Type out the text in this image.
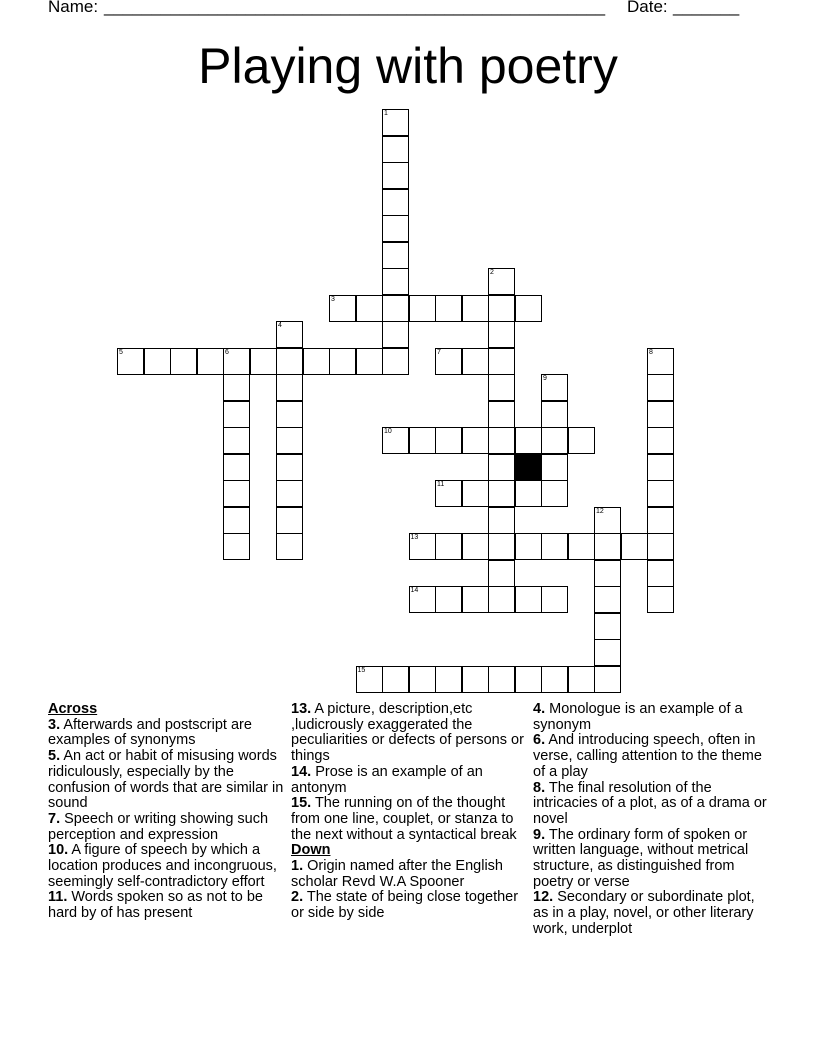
Name: _____________________________________________________ Date: _______
Playing with poetry
1
2
3
4
5	6	7	8
9
10
11
12
13
14
15

Across

3. Afterwards and postscript are examples of synonyms

5. An act or habit of misusing words ridiculously, especially by the confusion of words that are similar in sound

7. Speech or writing showing such perception and expression

10. A figure of speech by which a location produces and incongruous, seemingly self-contradictory effort

11. Words spoken so as not to be hard by of has present

13. A picture, description,etc ,ludicrously exaggerated the peculiarities or defects of persons or things

14. Prose is an example of an antonym

15. The running on of the thought from one line, couplet, or stanza to the next without a syntactical break

Down

1. Origin named after the English scholar Revd W.A Spooner

2. The state of being close together or side by side

4. Monologue is an example of a synonym

6. And introducing speech, often in verse, calling attention to the theme of a play

8. The final resolution of the intricacies of a plot, as of a drama or novel

9. The ordinary form of spoken or written language, without metrical structure, as distinguished from poetry or verse

12. Secondary or subordinate plot, as in a play, novel, or other literary work, underplot
